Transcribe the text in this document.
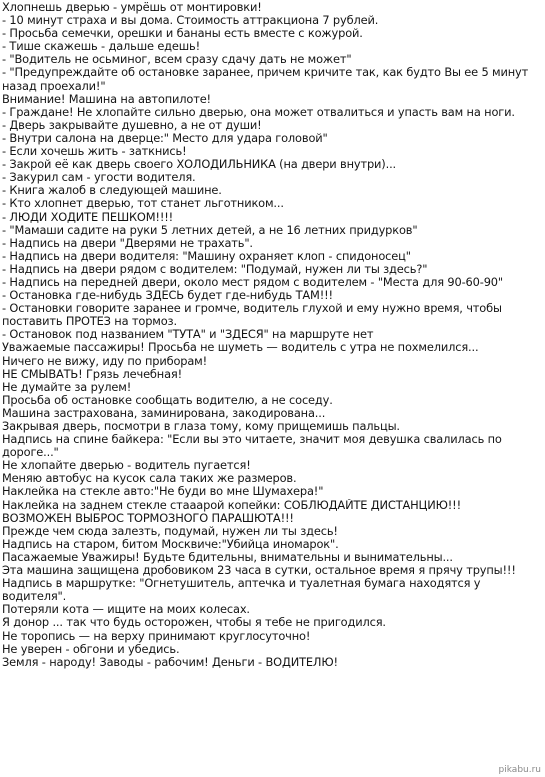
Хлопнешь дверью - умрёшь от монтировки!
- 10 минут страха и вы дома. Стоимость аттракциона 7 рублей.
- Просьба семечки, орешки и бананы есть вместе с кожурой.
- Тише скажешь - дальше едешь!
- "Водитель не осьминог, всем сразу сдачу дать не может"
- "Предупреждайте об остановке заранее, причем кричите так, как будто Вы ее 5 минут
назад проехали!"
Внимание! Машина на автопилоте!
- Граждане! Не хлопайте сильно дверью, она может отвалиться и упасть вам на ноги.
- Дверь закрывайте душевно, а не от души!
- Внутри салона на дверце:" Место для удара головой"
- Если хочешь жить - заткнись!
- Закрой её как дверь своего ХОЛОДИЛЬНИКА (на двери внутри)...
- Закурил сам - угости водителя.
- Книга жалоб в следующей машине.
- Кто хлопнет дверью, тот станет льготником...
- ЛЮДИ ХОДИТЕ ПЕШКОМ!!!!
- "Мамаши садите на руки 5 летних детей, а не 16 летних придурков"
- Надпись на двери "Дверями не трахать".
- Надпись на двери водителя: "Машину охраняет клоп - спидоносец"
- Надпись на двери рядом с водителем: "Подумай, нужен ли ты здесь?"
- Надпись на передней двери, около мест рядом с водителем - "Места для 90-60-90"
- Остановка где-нибудь ЗДЕСЬ будет где-нибудь ТАМ!!!
- Остановки говорите заранее и громче, водитель глухой и ему нужно время, чтобы
поставить ПРОТЕЗ на тормоз.
- Остановок под названием "ТУТА" и "ЗДЕСЯ" на маршруте нет
Уважаемые пассажиры! Просьба не шуметь — водитель с утра не похмелился...
Ничего не вижу, иду по приборам!
НЕ СМЫВАТЬ! Грязь лечебная!
Не думайте за рулем!
Просьба об остановке сообщать водителю, а не соседу.
Машина застрахована, заминирована, закодирована...
Закрывая дверь, посмотри в глаза тому, кому прищемишь пальцы.
Надпись на спине байкера: "Если вы это читаете, значит моя девушка свалилась по
дороге..."
Не хлопайте дверью - водитель пугается!
Меняю автобус на кусок сала таких же размеров.
Наклейка на стекле авто:"Не буди во мне Шумахера!"
Наклейка на заднем стекле стааарой копейки: СОБЛЮДАЙТЕ ДИСТАНЦИЮ!!!
ВОЗМОЖЕН ВЫБРОС ТОРМОЗНОГО ПАРАШЮТА!!!
Прежде чем сюда залезть, подумай, нужен ли ты здесь!
Надпись на старом, битом Москвиче:"Убийца иномарок".
Пасажаемые Уважиры! Будьте бдительны, внимательны и вынимательны...
Эта машина защищена дробовиком 23 часа в сутки, остальное время я прячу трупы!!!
Надпись в маршрутке: "Огнетушитель, аптечка и туалетная бумага находятся у
водителя".
Потеряли кота — ищите на моих колесах.
Я донор ... так что будь осторожен, чтобы я тебе не пригодился.
Не торопись — на верху принимают круглосуточно!
Не уверен - обгони и убедись.
Земля - народу! Заводы - рабочим! Деньги - ВОДИТЕЛЮ!
pikabu.ru
